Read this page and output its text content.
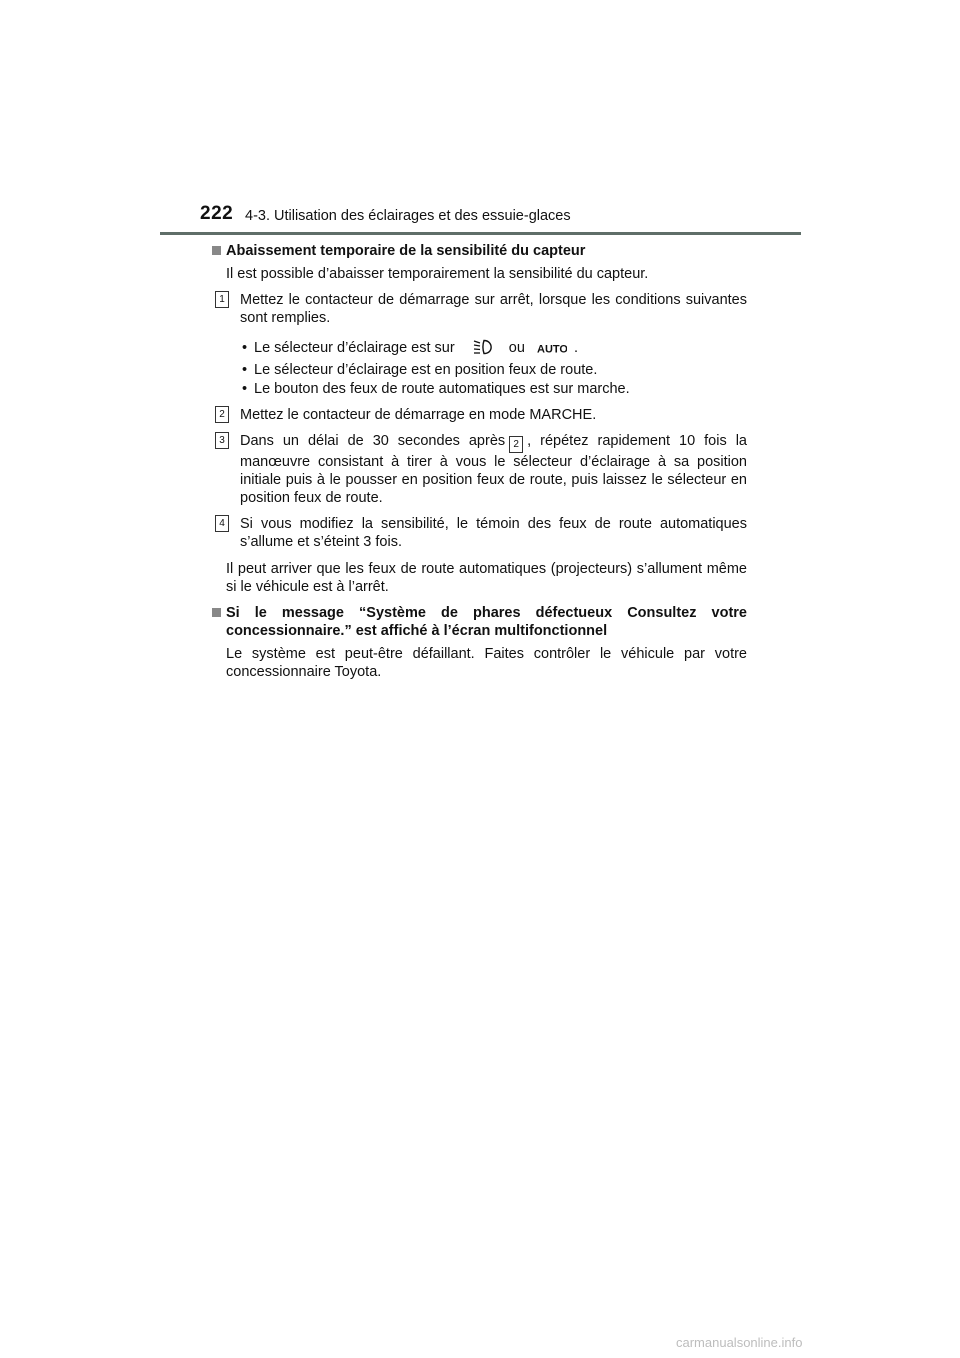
222 4-3. Utilisation des éclairages et des essuie-glaces
Abaissement temporaire de la sensibilité du capteur
Il est possible d’abaisser temporairement la sensibilité du capteur.
1 Mettez le contacteur de démarrage sur arrêt, lorsque les conditions suivantes sont remplies.
• Le sélecteur d’éclairage est sur	ou AUTO .
• Le sélecteur d’éclairage est en position feux de route.
• Le bouton des feux de route automatiques est sur marche.
2 Mettez le contacteur de démarrage en mode MARCHE.
3 Dans un délai de 30 secondes après 2 , répétez rapidement 10 fois la manœuvre consistant à tirer à vous le sélecteur d’éclairage à sa position initiale puis à le pousser en position feux de route, puis laissez le sélecteur en position feux de route.
4 Si vous modifiez la sensibilité, le témoin des feux de route automatiques s’allume et s’éteint 3 fois.
Il peut arriver que les feux de route automatiques (projecteurs) s’allument même si le véhicule est à l’arrêt.
Si le message “Système de phares défectueux Consultez votre concessionnaire.” est affiché à l’écran multifonctionnel
Le système est peut-être défaillant. Faites contrôler le véhicule par votre concessionnaire Toyota.
carmanualsonline.info
